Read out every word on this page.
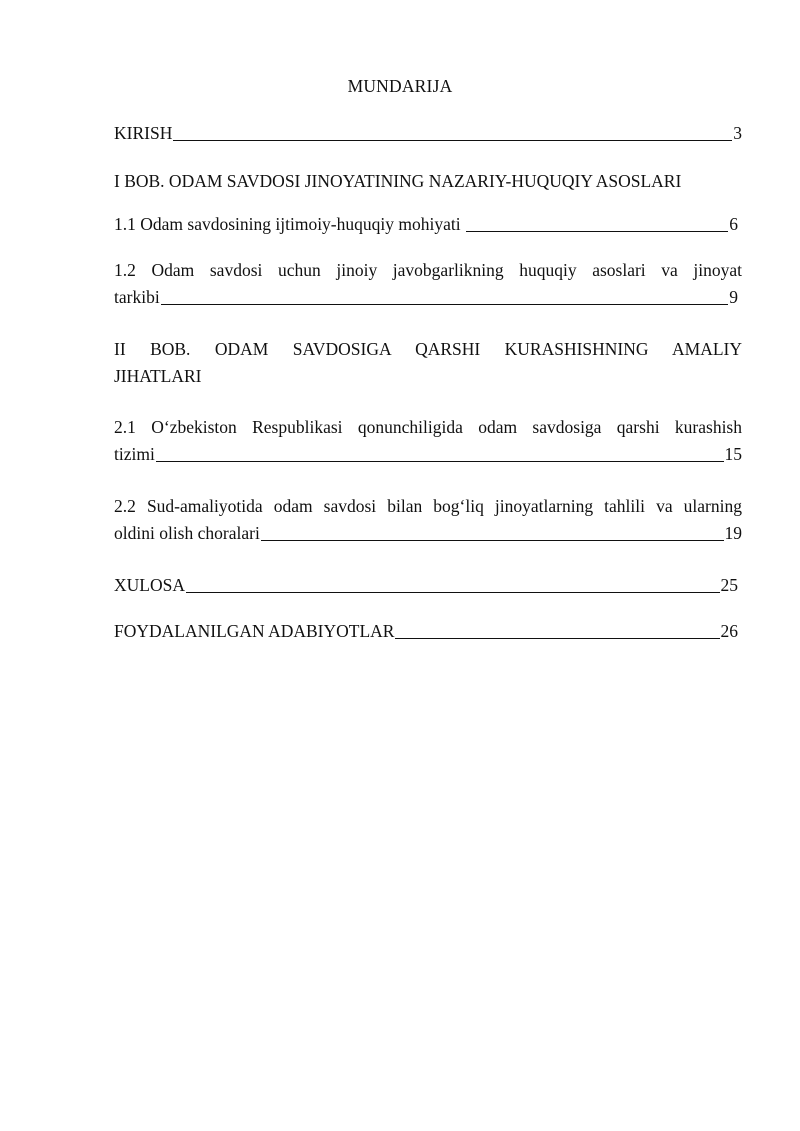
MUNDARIJA
KIRISH	3
I BOB. ODAM SAVDOSI JINOYATINING NAZARIY-HUQUQIY ASOSLARI
1.1 Odam savdosining ijtimoiy-huquqiy mohiyati	6
1.2 Odam savdosi uchun jinoiy javobgarlikning huquqiy asoslari va jinoyat
tarkibi	9
II BOB. ODAM SAVDOSIGA QARSHI KURASHISHNING AMALIY
JIHATLARI
2.1 O‘zbekiston Respublikasi qonunchiligida odam savdosiga qarshi kurashish
tizimi	15
2.2 Sud-amaliyotida odam savdosi bilan bog‘liq jinoyatlarning tahlili va ularning
oldini olish choralari	19
XULOSA	25
FOYDALANILGAN ADABIYOTLAR	26
